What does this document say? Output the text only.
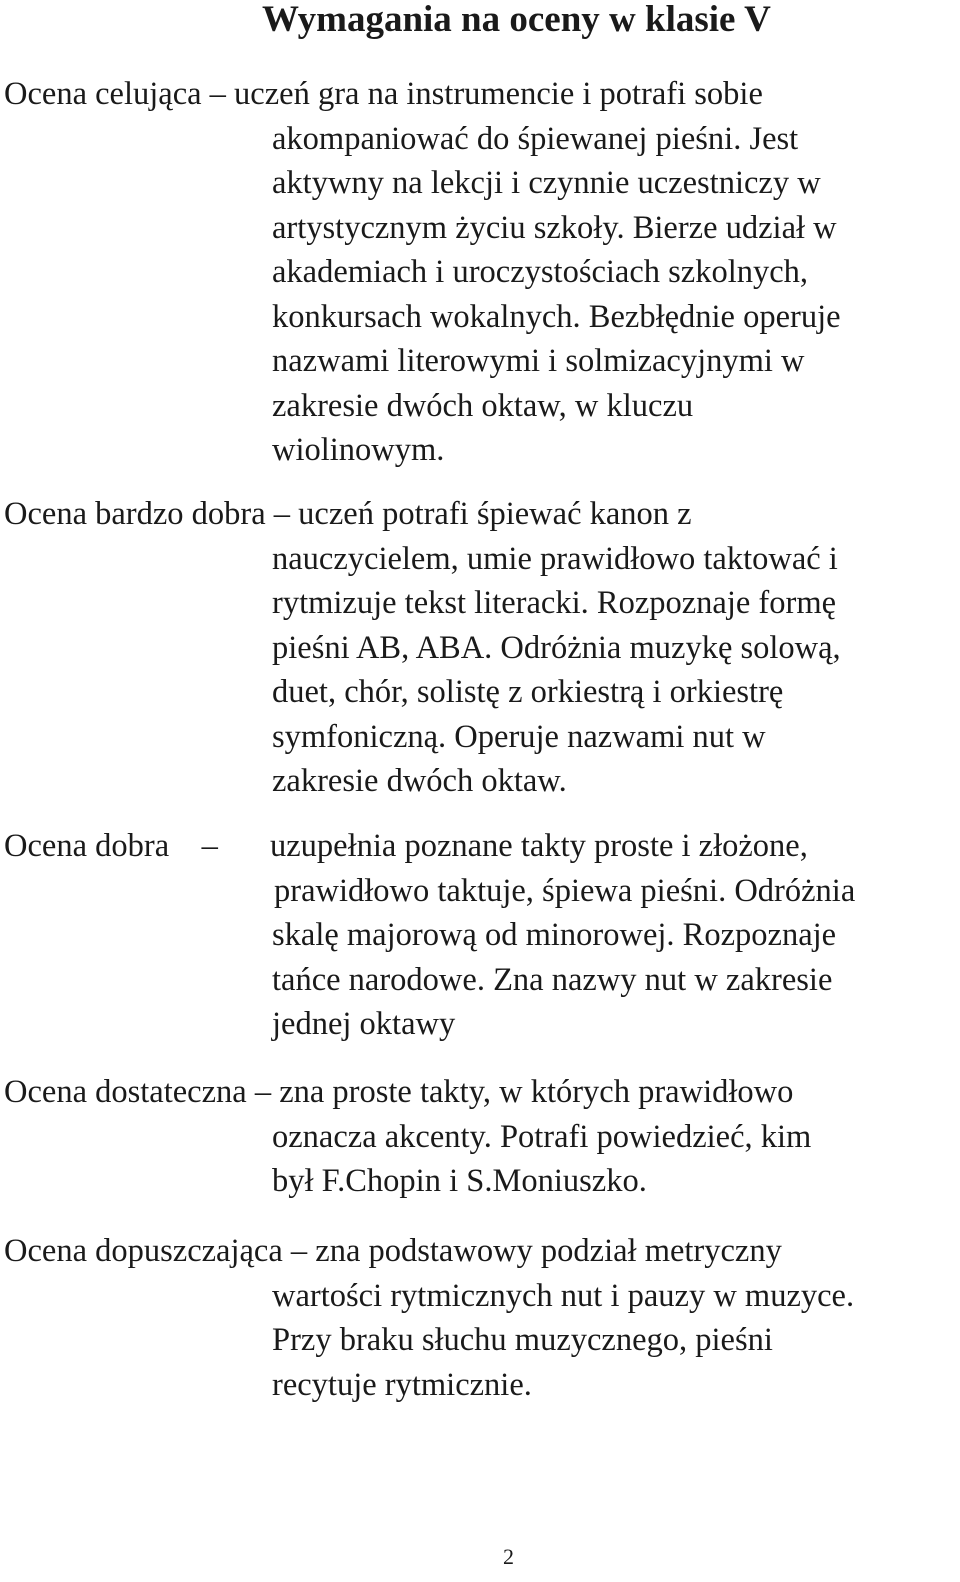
Wymagania na oceny w klasie V
Ocena celująca – uczeń gra na instrumencie i potrafi sobie
akompaniować do śpiewanej pieśni. Jest
aktywny na lekcji i czynnie uczestniczy w
artystycznym życiu szkoły. Bierze udział w
akademiach i uroczystościach szkolnych,
konkursach wokalnych. Bezbłędnie operuje
nazwami literowymi i solmizacyjnymi w
zakresie dwóch oktaw, w kluczu
wiolinowym.
Ocena bardzo dobra – uczeń potrafi śpiewać kanon z
nauczycielem, umie prawidłowo taktować i
rytmizuje tekst literacki. Rozpoznaje formę
pieśni AB, ABA. Odróżnia muzykę solową,
duet, chór, solistę z orkiestrą i orkiestrę
symfoniczną. Operuje nazwami nut w
zakresie dwóch oktaw.
Ocena dobra    – uzupełnia poznane takty proste i złożone,
prawidłowo taktuje, śpiewa pieśni. Odróżnia
skalę majorową od minorowej. Rozpoznaje
tańce narodowe. Zna nazwy nut w zakresie
jednej oktawy
Ocena dostateczna – zna proste takty, w których prawidłowo
oznacza akcenty. Potrafi powiedzieć, kim
był F.Chopin i S.Moniuszko.
Ocena dopuszczająca – zna podstawowy podział metryczny
wartości rytmicznych nut i pauzy w muzyce.
Przy braku słuchu muzycznego, pieśni
recytuje rytmicznie.
2
